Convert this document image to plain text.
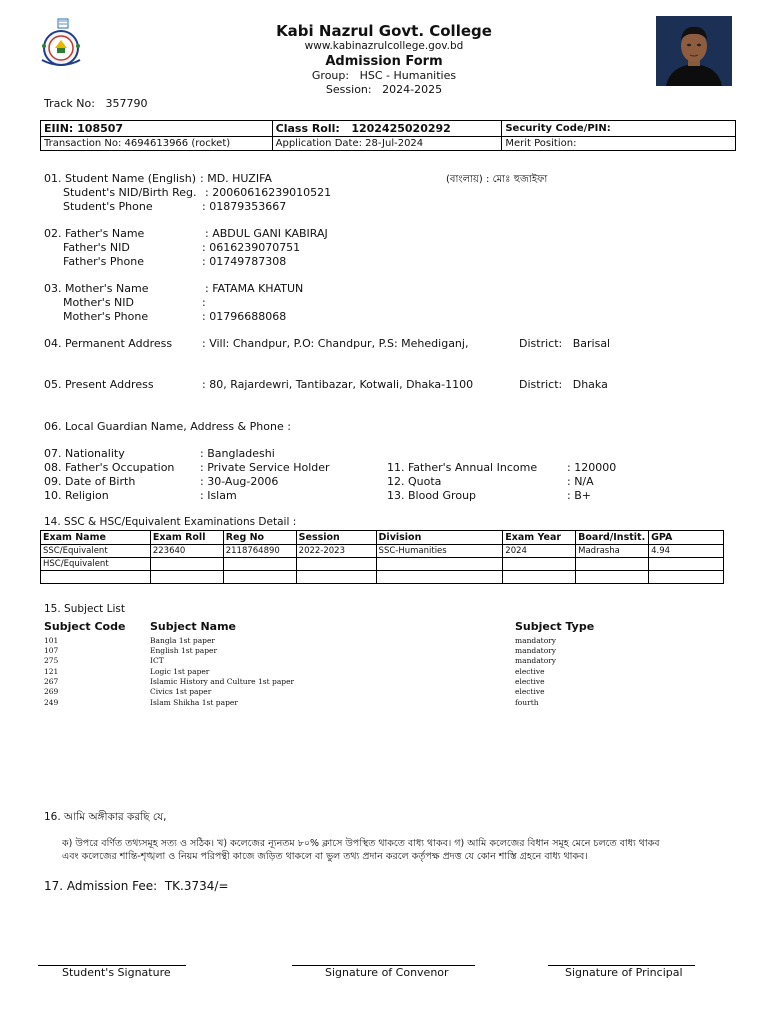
Kabi Nazrul Govt. College
www.kabinazrulcollege.gov.bd
Admission Form
Group: HSC - Humanities
Session: 2024-2025
Track No: 357790
EIIN: 108507	Class Roll: 1202425020292	Security Code/PIN:
Transaction No: 4694613966 (rocket)	Application Date: 28-Jul-2024	Merit Position:
01. Student Name (English) : MD. HUZIFA	(বাংলায়) : মোঃ হুজাইফা
Student's NID/Birth Reg. : 20060616239010521
Student's Phone	: 01879353667
02. Father's Name	: ABDUL GANI KABIRAJ
Father's NID	: 0616239070751
Father's Phone	: 01749787308
03. Mother's Name	: FATAMA KHATUN
Mother's NID	:
Mother's Phone	: 01796688068
04. Permanent Address	: Vill: Chandpur, P.O: Chandpur, P.S: Mehediganj,	District: Barisal
05. Present Address	: 80, Rajardewri, Tantibazar, Kotwali, Dhaka-1100	District: Dhaka
06. Local Guardian Name, Address & Phone :
07. Nationality	: Bangladeshi
08. Father's Occupation : Private Service Holder
09. Date of Birth	: 30-Aug-2006
10. Religion	: Islam
11. Father's Annual Income	: 120000
12. Quota	: N/A
13. Blood Group	: B+
14. SSC & HSC/Equivalent Examinations Detail :
Exam Name	Exam Roll	Reg No	Session	Division	Exam Year	Board/Instit.	GPA
SSC/Equivalent	223640	2118764890	2022-2023	SSC-Humanities	2024	Madrasha	4.94
HSC/Equivalent							

15. Subject List
Subject Code Subject Name	Subject Type
101	Bangla 1st paper	mandatory
107	English 1st paper	mandatory
275	ICT	mandatory
121	Logic 1st paper	elective
267	Islamic History and Culture 1st paper	elective
269	Civics 1st paper	elective
249	Islam Shikha 1st paper	fourth
16. আমি অঙ্গীকার করছি যে,
ক) উপরে বর্ণিত তথ্যসমূহ সত্য ও সঠিক। খ) কলেজের ন্যূনতম ৮০% ক্লাসে উপস্থিত থাকতে বাধ্য থাকব। গ) আমি কলেজের বিধান সমূহ মেনে চলতে বাধ্য থাকব
এবং কলেজের শান্তি-শৃঙ্খলা ও নিয়ম পরিপন্থী কাজে জড়িত থাকলে বা ভুল তথ্য প্রদান করলে কর্তৃপক্ষ প্রদত্ত যে কোন শাস্তি গ্রহনে বাধ্য থাকব।
17. Admission Fee: TK.3734/=
Student's Signature	Signature of Convenor	Signature of Principal
